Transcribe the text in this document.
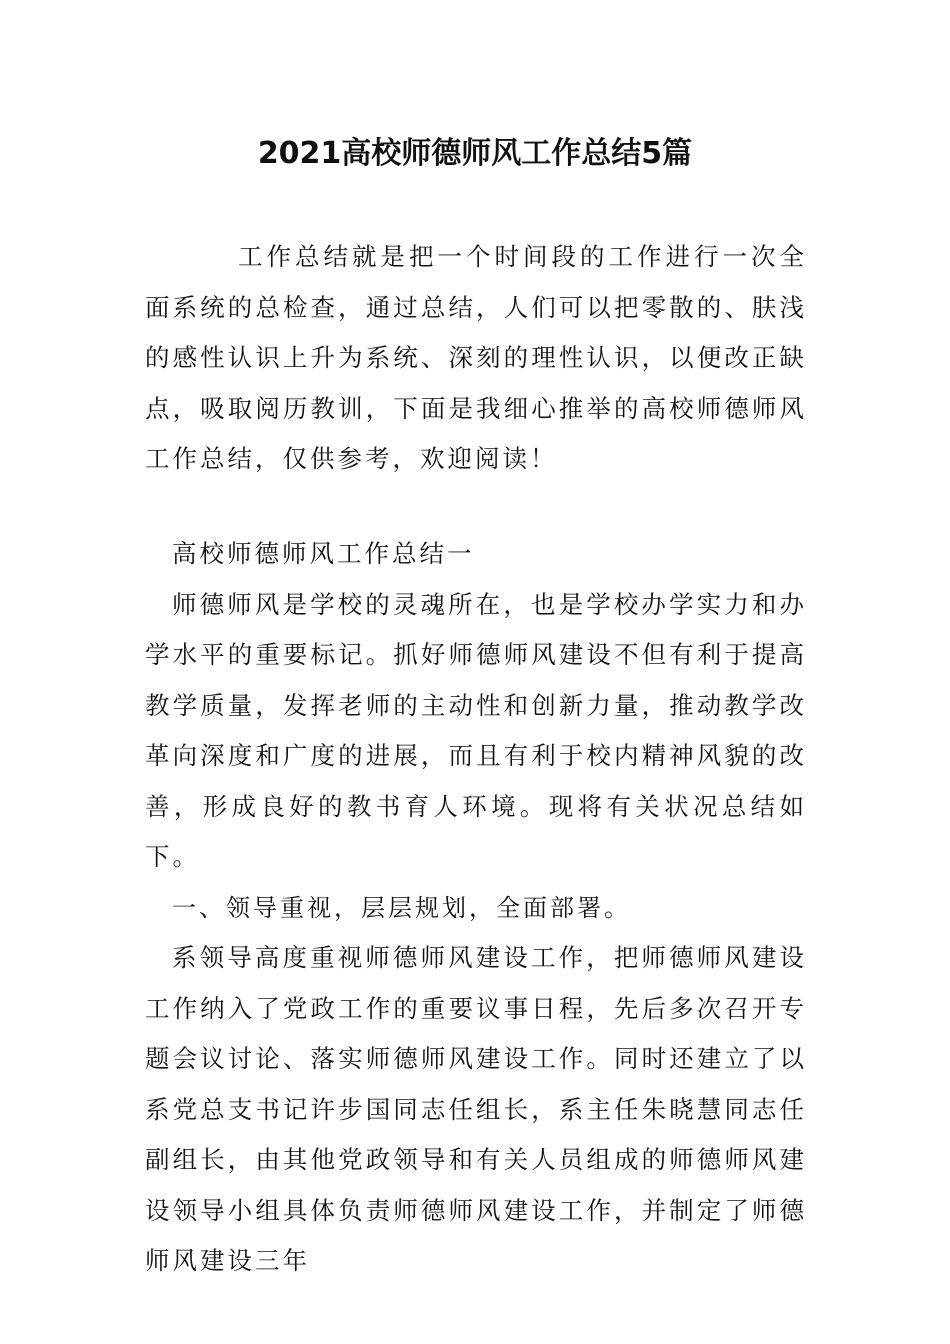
2021高校师德师风工作总结5篇

工作总结就是把一个时间段的工作进行一次全面系统的总检查，通过总结，人们可以把零散的、肤浅的感性认识上升为系统、深刻的理性认识，以便改正缺点，吸取阅历教训，下面是我细心推举的高校师德师风工作总结，仅供参考，欢迎阅读！

高校师德师风工作总结一

师德师风是学校的灵魂所在，也是学校办学实力和办学水平的重要标记。抓好师德师风建设不但有利于提高教学质量，发挥老师的主动性和创新力量，推动教学改革向深度和广度的进展，而且有利于校内精神风貌的改善，形成良好的教书育人环境。现将有关状况总结如下。

一、领导重视，层层规划，全面部署。

系领导高度重视师德师风建设工作，把师德师风建设工作纳入了党政工作的重要议事日程，先后多次召开专题会议讨论、落实师德师风建设工作。同时还建立了以系党总支书记许步国同志任组长，系主任朱晓慧同志任副组长，由其他党政领导和有关人员组成的师德师风建设领导小组具体负责师德师风建设工作，并制定了师德师风建设三年
